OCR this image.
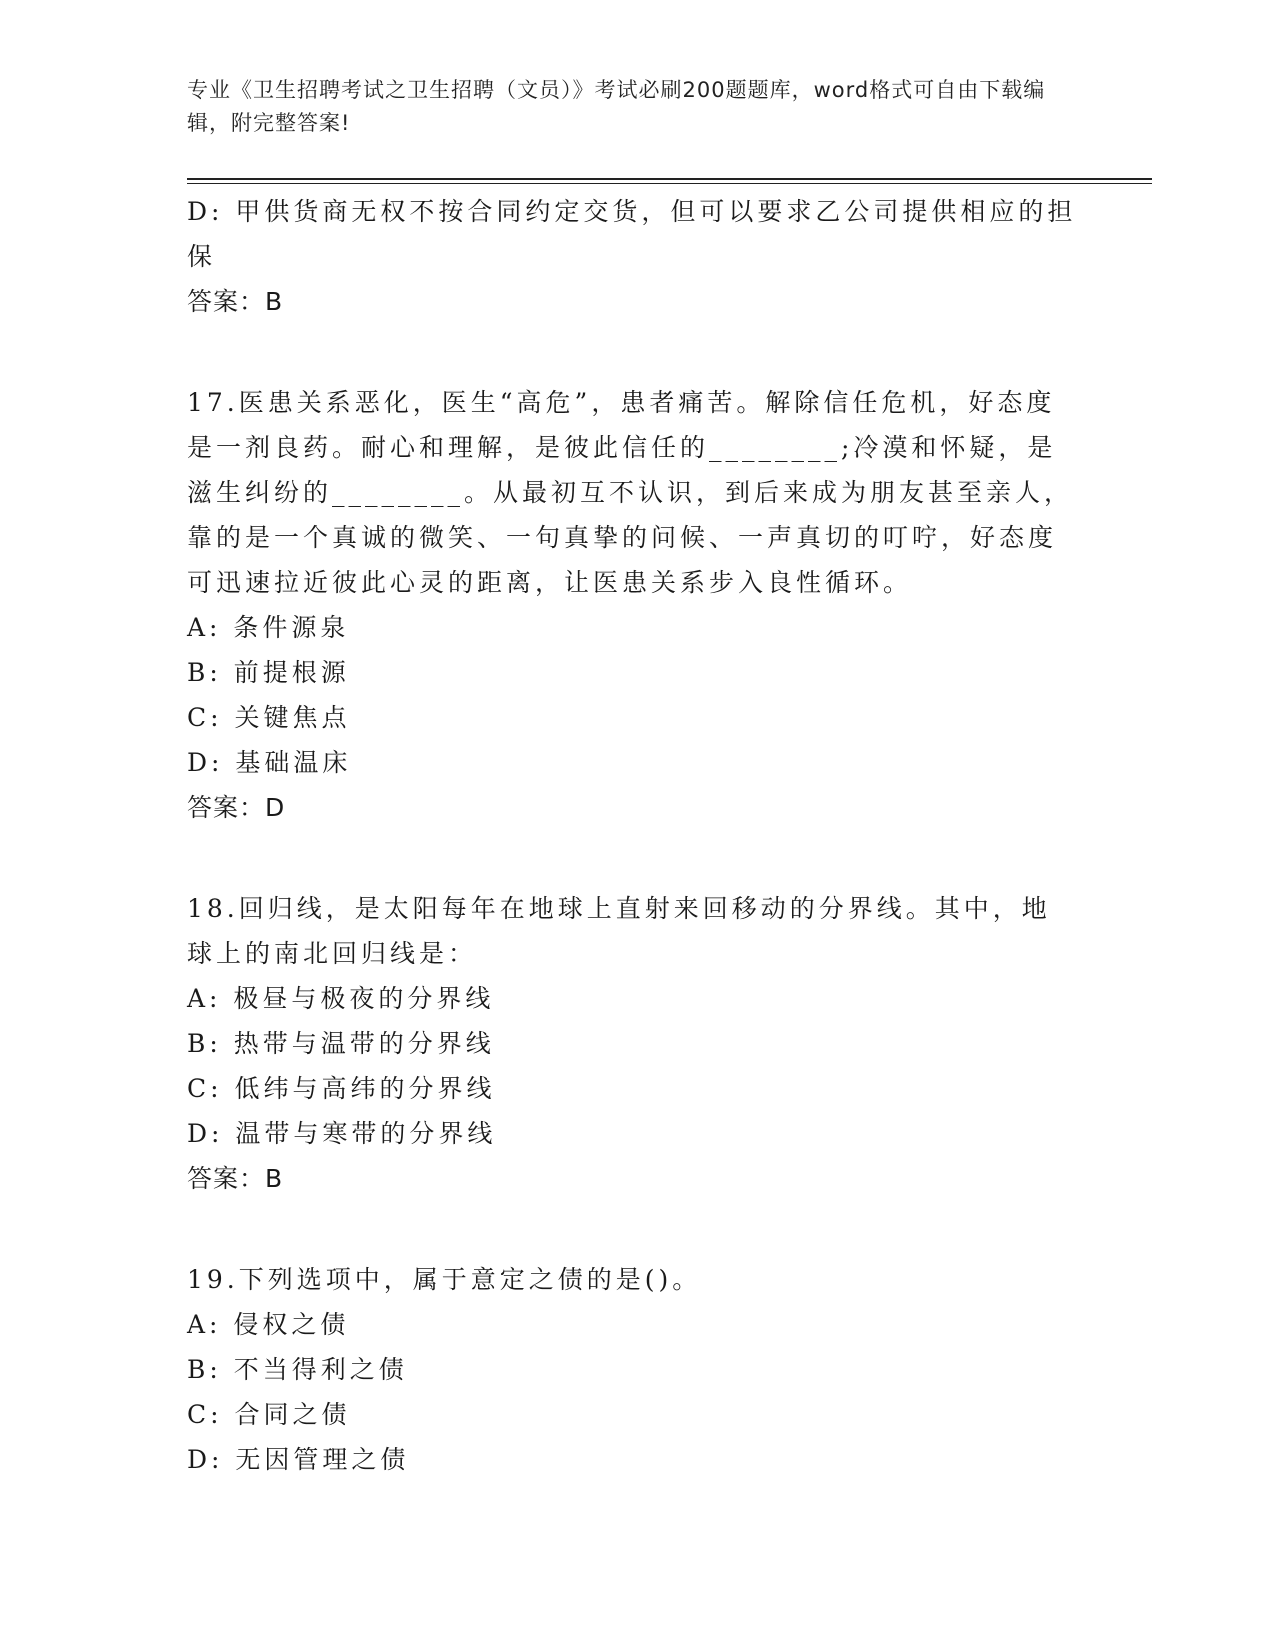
专业《卫生招聘考试之卫生招聘（文员）》考试必刷200题题库，word格式可自由下载编辑，附完整答案!

D: 甲供货商无权不按合同约定交货，但可以要求乙公司提供相应的担保

答案：B

17.医患关系恶化，医生“高危”，患者痛苦。解除信任危机，好态度是一剂良药。耐心和理解，是彼此信任的________;冷漠和怀疑，是滋生纠纷的________。从最初互不认识，到后来成为朋友甚至亲人，靠的是一个真诚的微笑、一句真挚的问候、一声真切的叮咛，好态度可迅速拉近彼此心灵的距离，让医患关系步入良性循环。

A: 条件源泉

B: 前提根源

C: 关键焦点

D: 基础温床

答案：D

18.回归线，是太阳每年在地球上直射来回移动的分界线。其中，地球上的南北回归线是：

A: 极昼与极夜的分界线

B: 热带与温带的分界线

C: 低纬与高纬的分界线

D: 温带与寒带的分界线

答案：B

19.下列选项中，属于意定之债的是()。

A: 侵权之债

B: 不当得利之债

C: 合同之债

D: 无因管理之债
